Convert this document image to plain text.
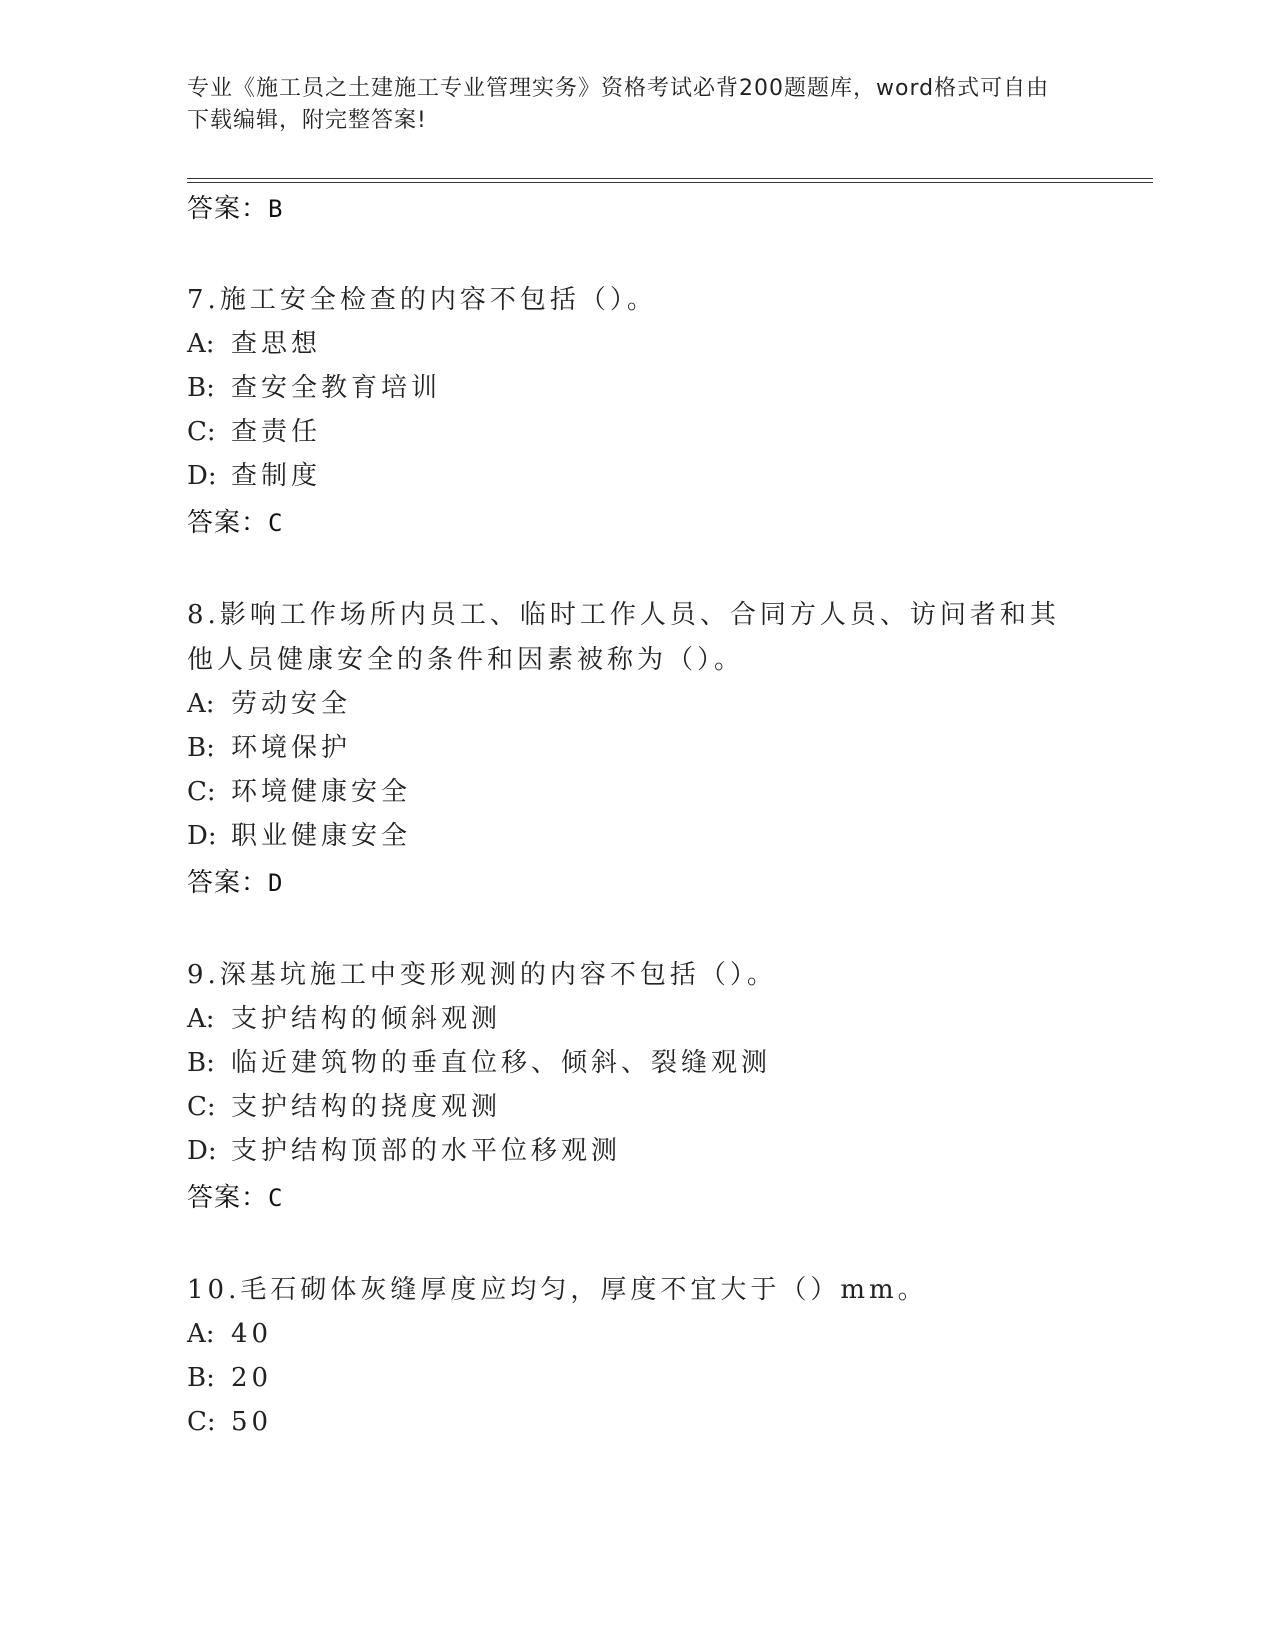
专业《施工员之土建施工专业管理实务》资格考试必背200题题库，word格式可自由下载编辑，附完整答案!
答案：B
7.施工安全检查的内容不包括（）。
A: 查思想
B: 查安全教育培训
C: 查责任
D: 查制度
答案：C
8.影响工作场所内员工、临时工作人员、合同方人员、访问者和其他人员健康安全的条件和因素被称为（）。
A: 劳动安全
B: 环境保护
C: 环境健康安全
D: 职业健康安全
答案：D
9.深基坑施工中变形观测的内容不包括（）。
A: 支护结构的倾斜观测
B: 临近建筑物的垂直位移、倾斜、裂缝观测
C: 支护结构的挠度观测
D: 支护结构顶部的水平位移观测
答案：C
10.毛石砌体灰缝厚度应均匀，厚度不宜大于（）mm。
A: 40
B: 20
C: 50
